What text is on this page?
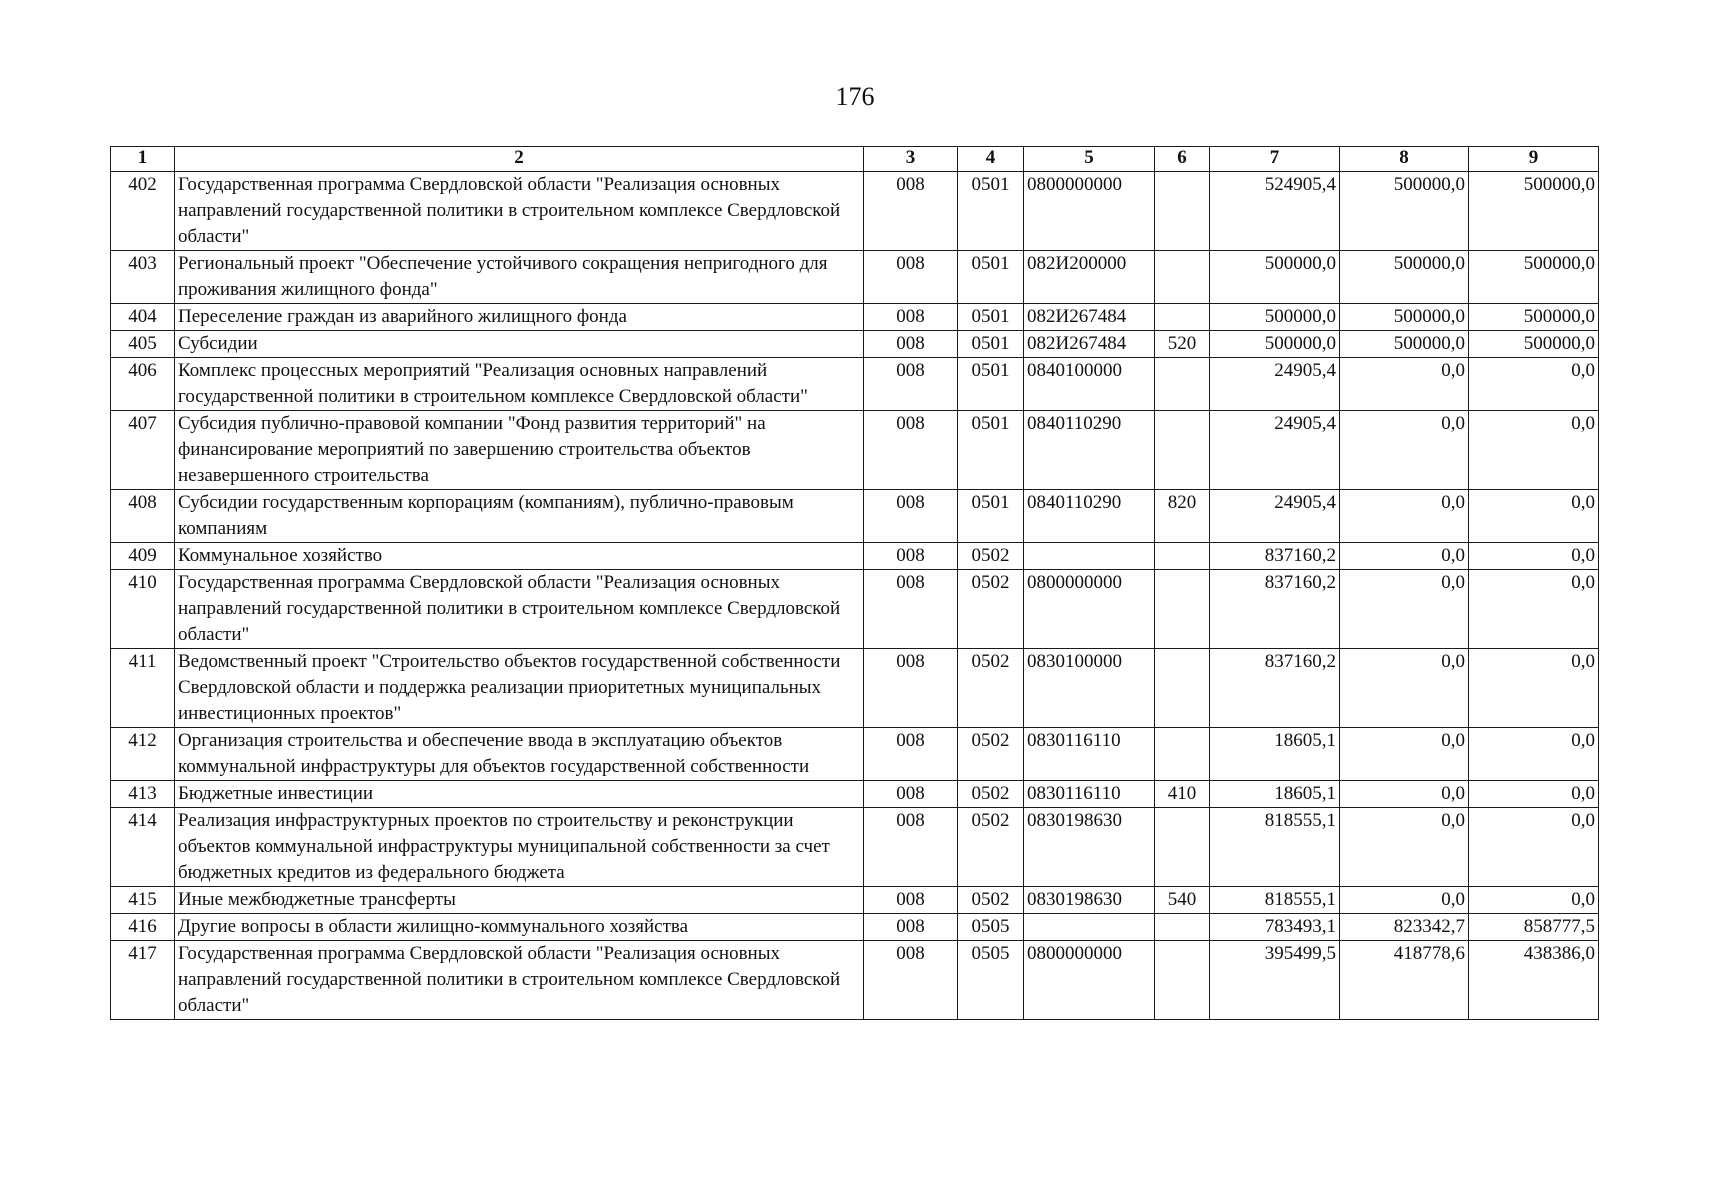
176
1	2	3	4	5	6	7	8	9
402	Государственная программа Свердловской области "Реализация основных направлений государственной политики в строительном комплексе Свердловской области"	008	0501	0800000000		524905,4	500000,0	500000,0
403	Региональный проект "Обеспечение устойчивого сокращения непригодного для проживания жилищного фонда"	008	0501	082И200000		500000,0	500000,0	500000,0
404	Переселение граждан из аварийного жилищного фонда	008	0501	082И267484		500000,0	500000,0	500000,0
405	Субсидии	008	0501	082И267484	520	500000,0	500000,0	500000,0
406	Комплекс процессных мероприятий "Реализация основных направлений государственной политики в строительном комплексе Свердловской области"	008	0501	0840100000		24905,4	0,0	0,0
407	Субсидия публично-правовой компании "Фонд развития территорий" на финансирование мероприятий по завершению строительства объектов незавершенного строительства	008	0501	0840110290		24905,4	0,0	0,0
408	Субсидии государственным корпорациям (компаниям), публично-правовым компаниям	008	0501	0840110290	820	24905,4	0,0	0,0
409	Коммунальное хозяйство	008	0502			837160,2	0,0	0,0
410	Государственная программа Свердловской области "Реализация основных направлений государственной политики в строительном комплексе Свердловской области"	008	0502	0800000000		837160,2	0,0	0,0
411	Ведомственный проект "Строительство объектов государственной собственности Свердловской области и поддержка реализации приоритетных муниципальных инвестиционных проектов"	008	0502	0830100000		837160,2	0,0	0,0
412	Организация строительства и обеспечение ввода в эксплуатацию объектов коммунальной инфраструктуры для объектов государственной собственности	008	0502	0830116110		18605,1	0,0	0,0
413	Бюджетные инвестиции	008	0502	0830116110	410	18605,1	0,0	0,0
414	Реализация инфраструктурных проектов по строительству и реконструкции объектов коммунальной инфраструктуры муниципальной собственности за счет бюджетных кредитов из федерального бюджета	008	0502	0830198630		818555,1	0,0	0,0
415	Иные межбюджетные трансферты	008	0502	0830198630	540	818555,1	0,0	0,0
416	Другие вопросы в области жилищно-коммунального хозяйства	008	0505			783493,1	823342,7	858777,5
417	Государственная программа Свердловской области "Реализация основных направлений государственной политики в строительном комплексе Свердловской области"	008	0505	0800000000		395499,5	418778,6	438386,0
